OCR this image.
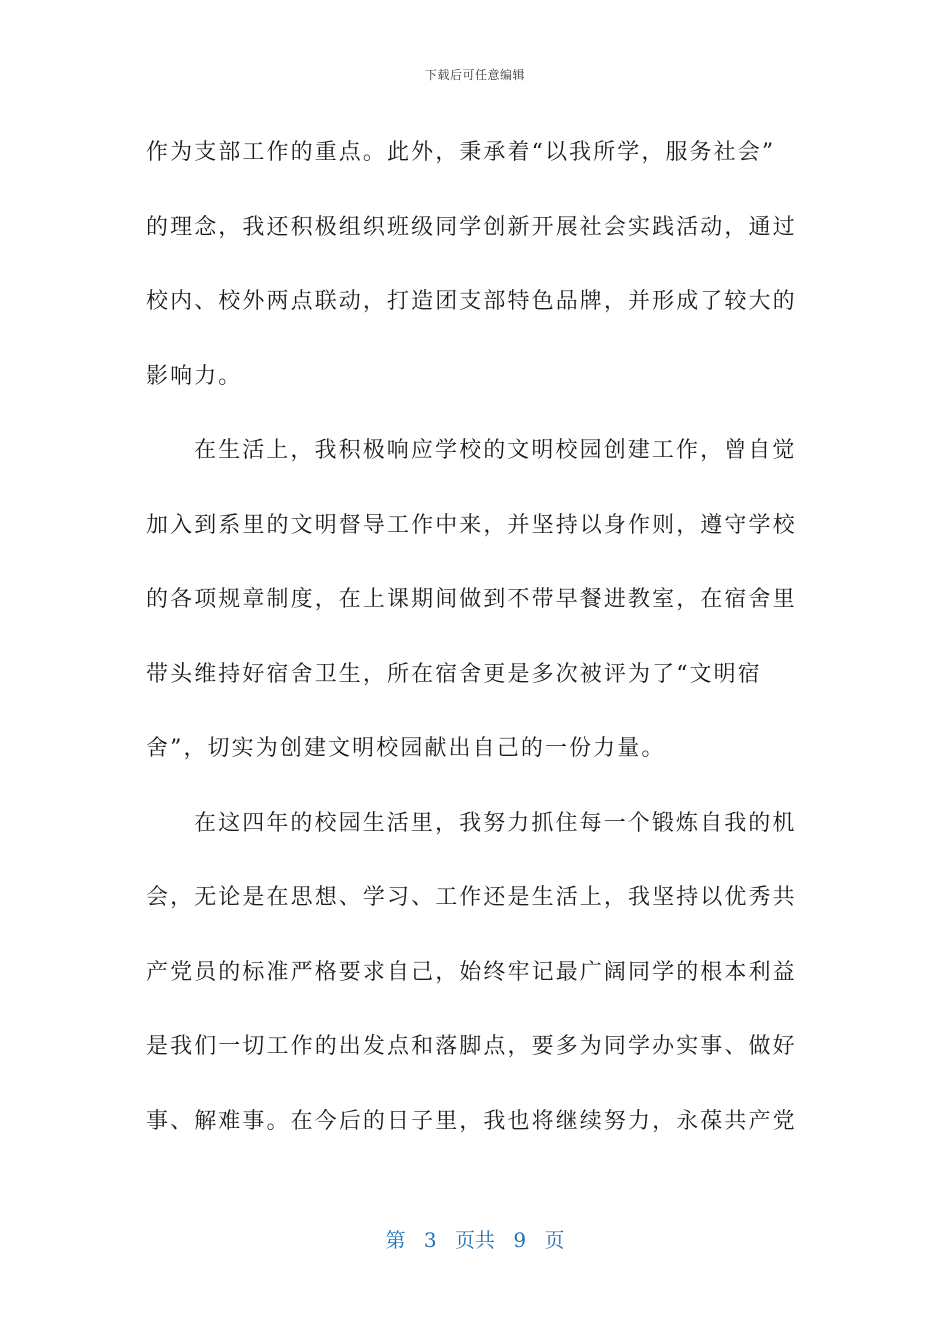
下载后可任意编辑
作为支部工作的重点。此外，秉承着“以我所学，服务社会”
的理念，我还积极组织班级同学创新开展社会实践活动，通过
校内、校外两点联动，打造团支部特色品牌，并形成了较大的
影响力。
在生活上，我积极响应学校的文明校园创建工作，曾自觉
加入到系里的文明督导工作中来，并坚持以身作则，遵守学校
的各项规章制度，在上课期间做到不带早餐进教室，在宿舍里
带头维持好宿舍卫生，所在宿舍更是多次被评为了“文明宿
舍”，切实为创建文明校园献出自己的一份力量。
在这四年的校园生活里，我努力抓住每一个锻炼自我的机
会，无论是在思想、学习、工作还是生活上，我坚持以优秀共
产党员的标准严格要求自己，始终牢记最广阔同学的根本利益
是我们一切工作的出发点和落脚点，要多为同学办实事、做好
事、解难事。在今后的日子里，我也将继续努力，永葆共产党
第 3 页共 9 页
